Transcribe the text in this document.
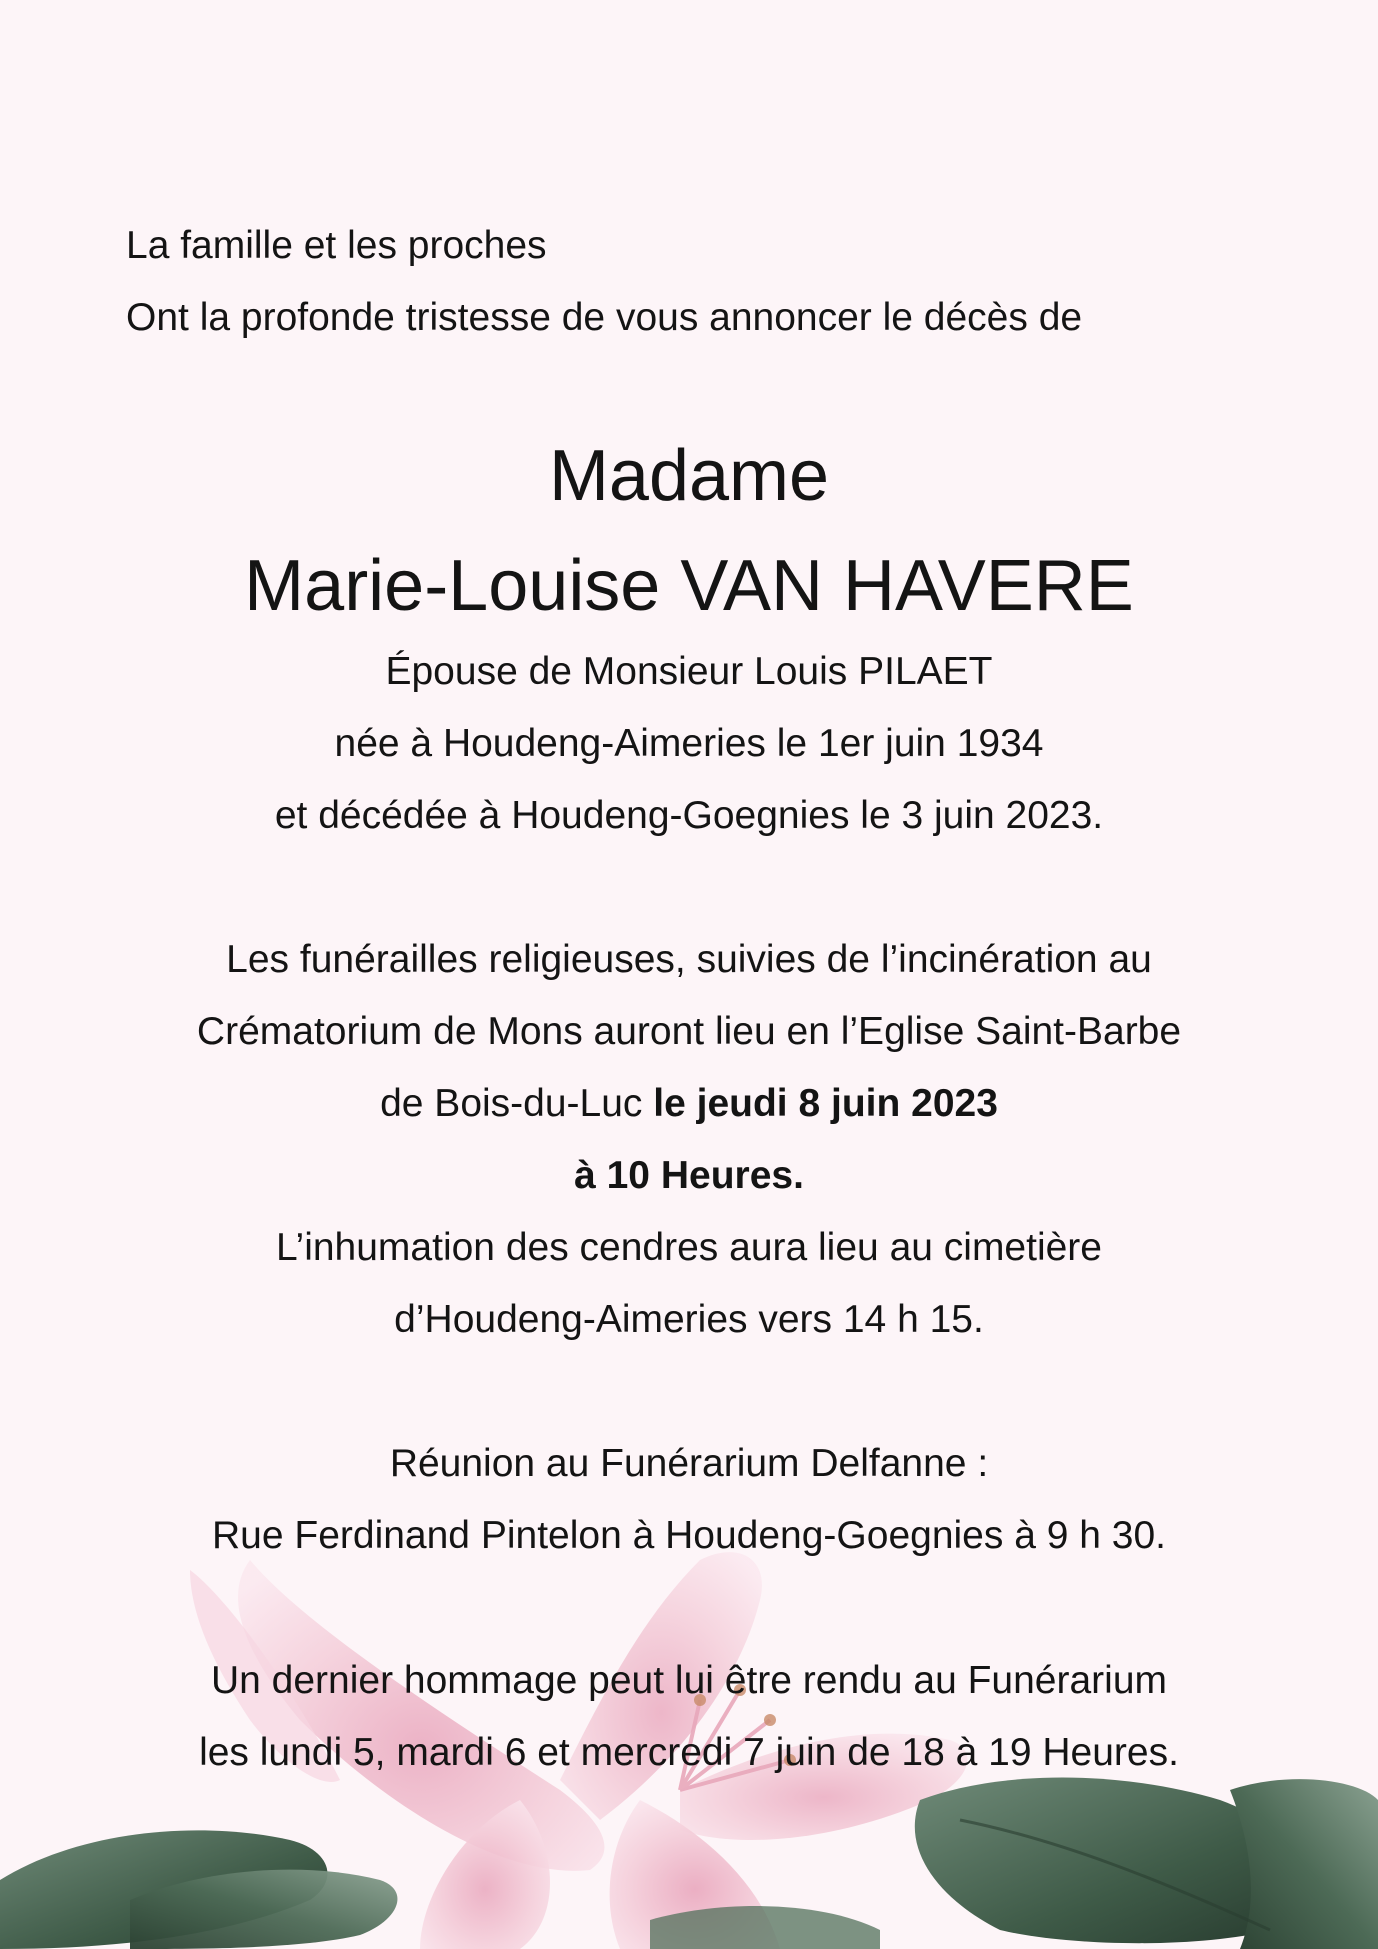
La famille et les proches
Ont la profonde tristesse de vous annoncer le décès de
Madame
Marie-Louise VAN HAVERE
Épouse de Monsieur Louis PILAET
née à Houdeng-Aimeries le 1er juin 1934
et décédée à Houdeng-Goegnies le 3 juin 2023.
Les funérailles religieuses, suivies de l’incinération au
Crématorium de Mons auront lieu en l’Eglise Saint-Barbe
de Bois-du-Luc le jeudi 8 juin 2023
à 10 Heures.
L’inhumation des cendres aura lieu au cimetière
d’Houdeng-Aimeries vers 14 h 15.
Réunion au Funérarium Delfanne :
Rue Ferdinand Pintelon à Houdeng-Goegnies à 9 h 30.
Un dernier hommage peut lui être rendu au Funérarium
les lundi 5, mardi 6 et mercredi 7 juin de 18 à 19 Heures.
